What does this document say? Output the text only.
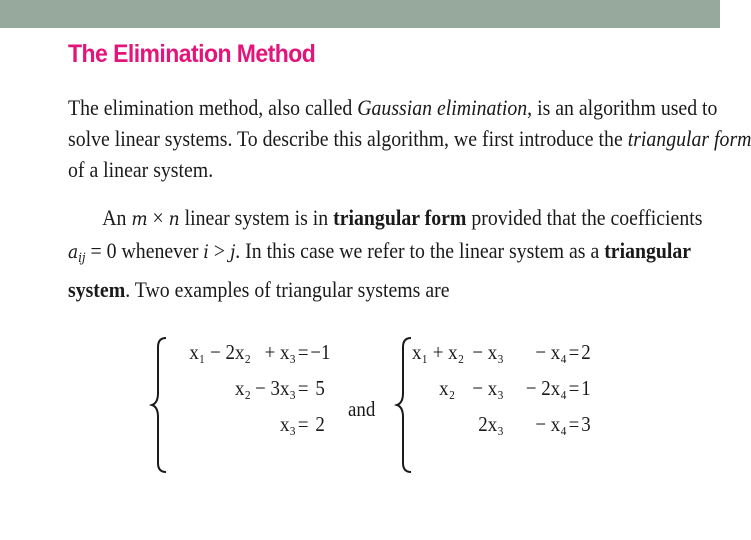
The Elimination Method
The elimination method, also called Gaussian elimination, is an algorithm used to
solve linear systems. To describe this algorithm, we first introduce the triangular form
of a linear system.
An m × n linear system is in triangular form provided that the coefficients
$a_{ij} = 0$ whenever i > j. In this case we refer to the linear system as a triangular
system. Two examples of triangular systems are
x₁ − 2x₂ + x₃ = −1
x₂ − 3x₃ = 5
x₃ = 2
and
x₁ + x₂ − x₃	− x₄ = 2
x₂ − x₃	− 2x₄ = 1
2x₃	− x₄ = 3
